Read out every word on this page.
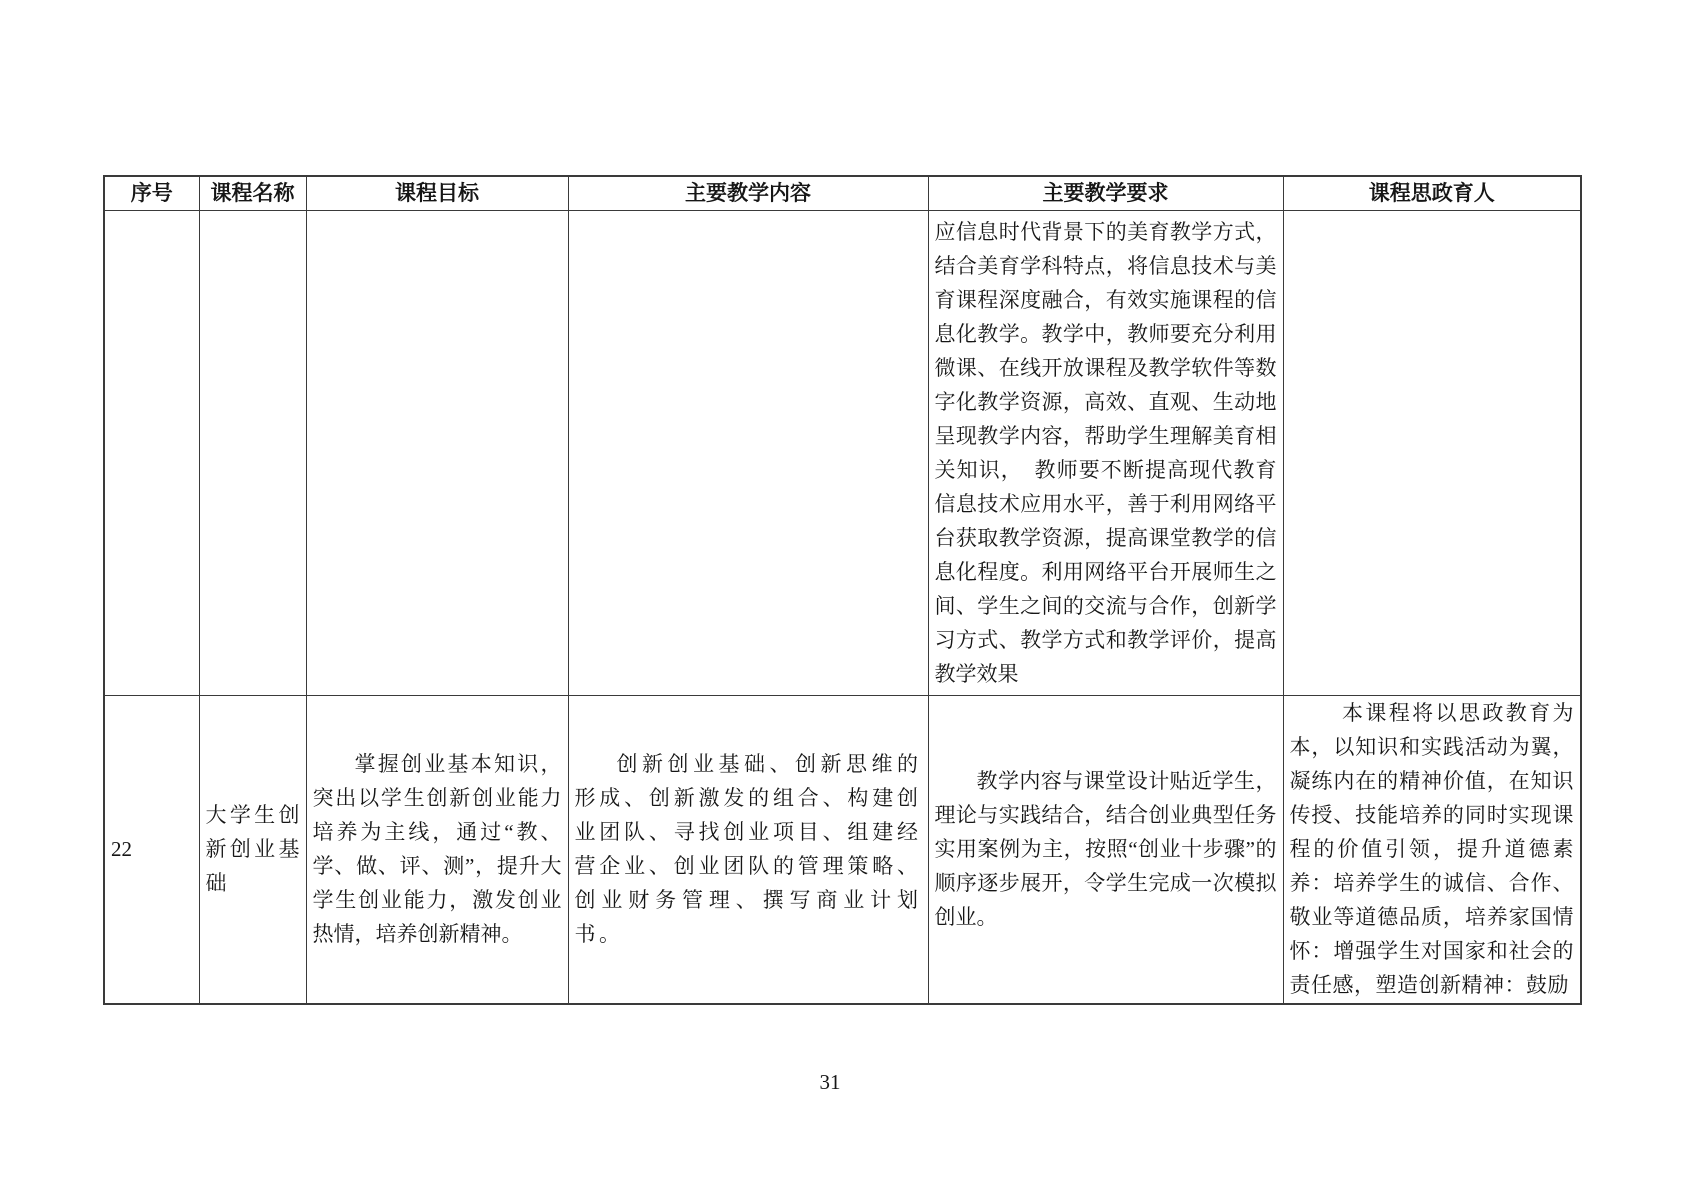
序号	课程名称	课程目标	主要教学内容	主要教学要求	课程思政育人
				应信息时代背景下的美育教学方式，结合美育学科特点，将信息技术与美育课程深度融合，有效实施课程的信息化教学。教学中，教师要充分利用微课、在线开放课程及教学软件等数字化教学资源，高效、直观、生动地呈现教学内容，帮助学生理解美育相关知识，　教师要不断提高现代教育信息技术应用水平，善于利用网络平台获取教学资源，提高课堂教学的信息化程度。利用网络平台开展师生之间、学生之间的交流与合作，创新学习方式、教学方式和教学评价，提高教学效果	
22	大学生创新创业基础	掌握创业基本知识，突出以学生创新创业能力培养为主线，通过“教、学、做、评、测”，提升大学生创业能力，激发创业热情，培养创新精神。	创新创业基础、创新思维的形成、创新激发的组合、构建创业团队、寻找创业项目、组建经营企业、创业团队的管理策略、创业财务管理、撰写商业计划书。	教学内容与课堂设计贴近学生，理论与实践结合，结合创业典型任务实用案例为主，按照“创业十步骤”的顺序逐步展开，令学生完成一次模拟创业。	本课程将以思政教育为本，以知识和实践活动为翼，凝练内在的精神价值，在知识传授、技能培养的同时实现课程的价值引领，提升道德素养：培养学生的诚信、合作、敬业等道德品质，培养家国情怀：增强学生对国家和社会的责任感，塑造创新精神：鼓励
31
